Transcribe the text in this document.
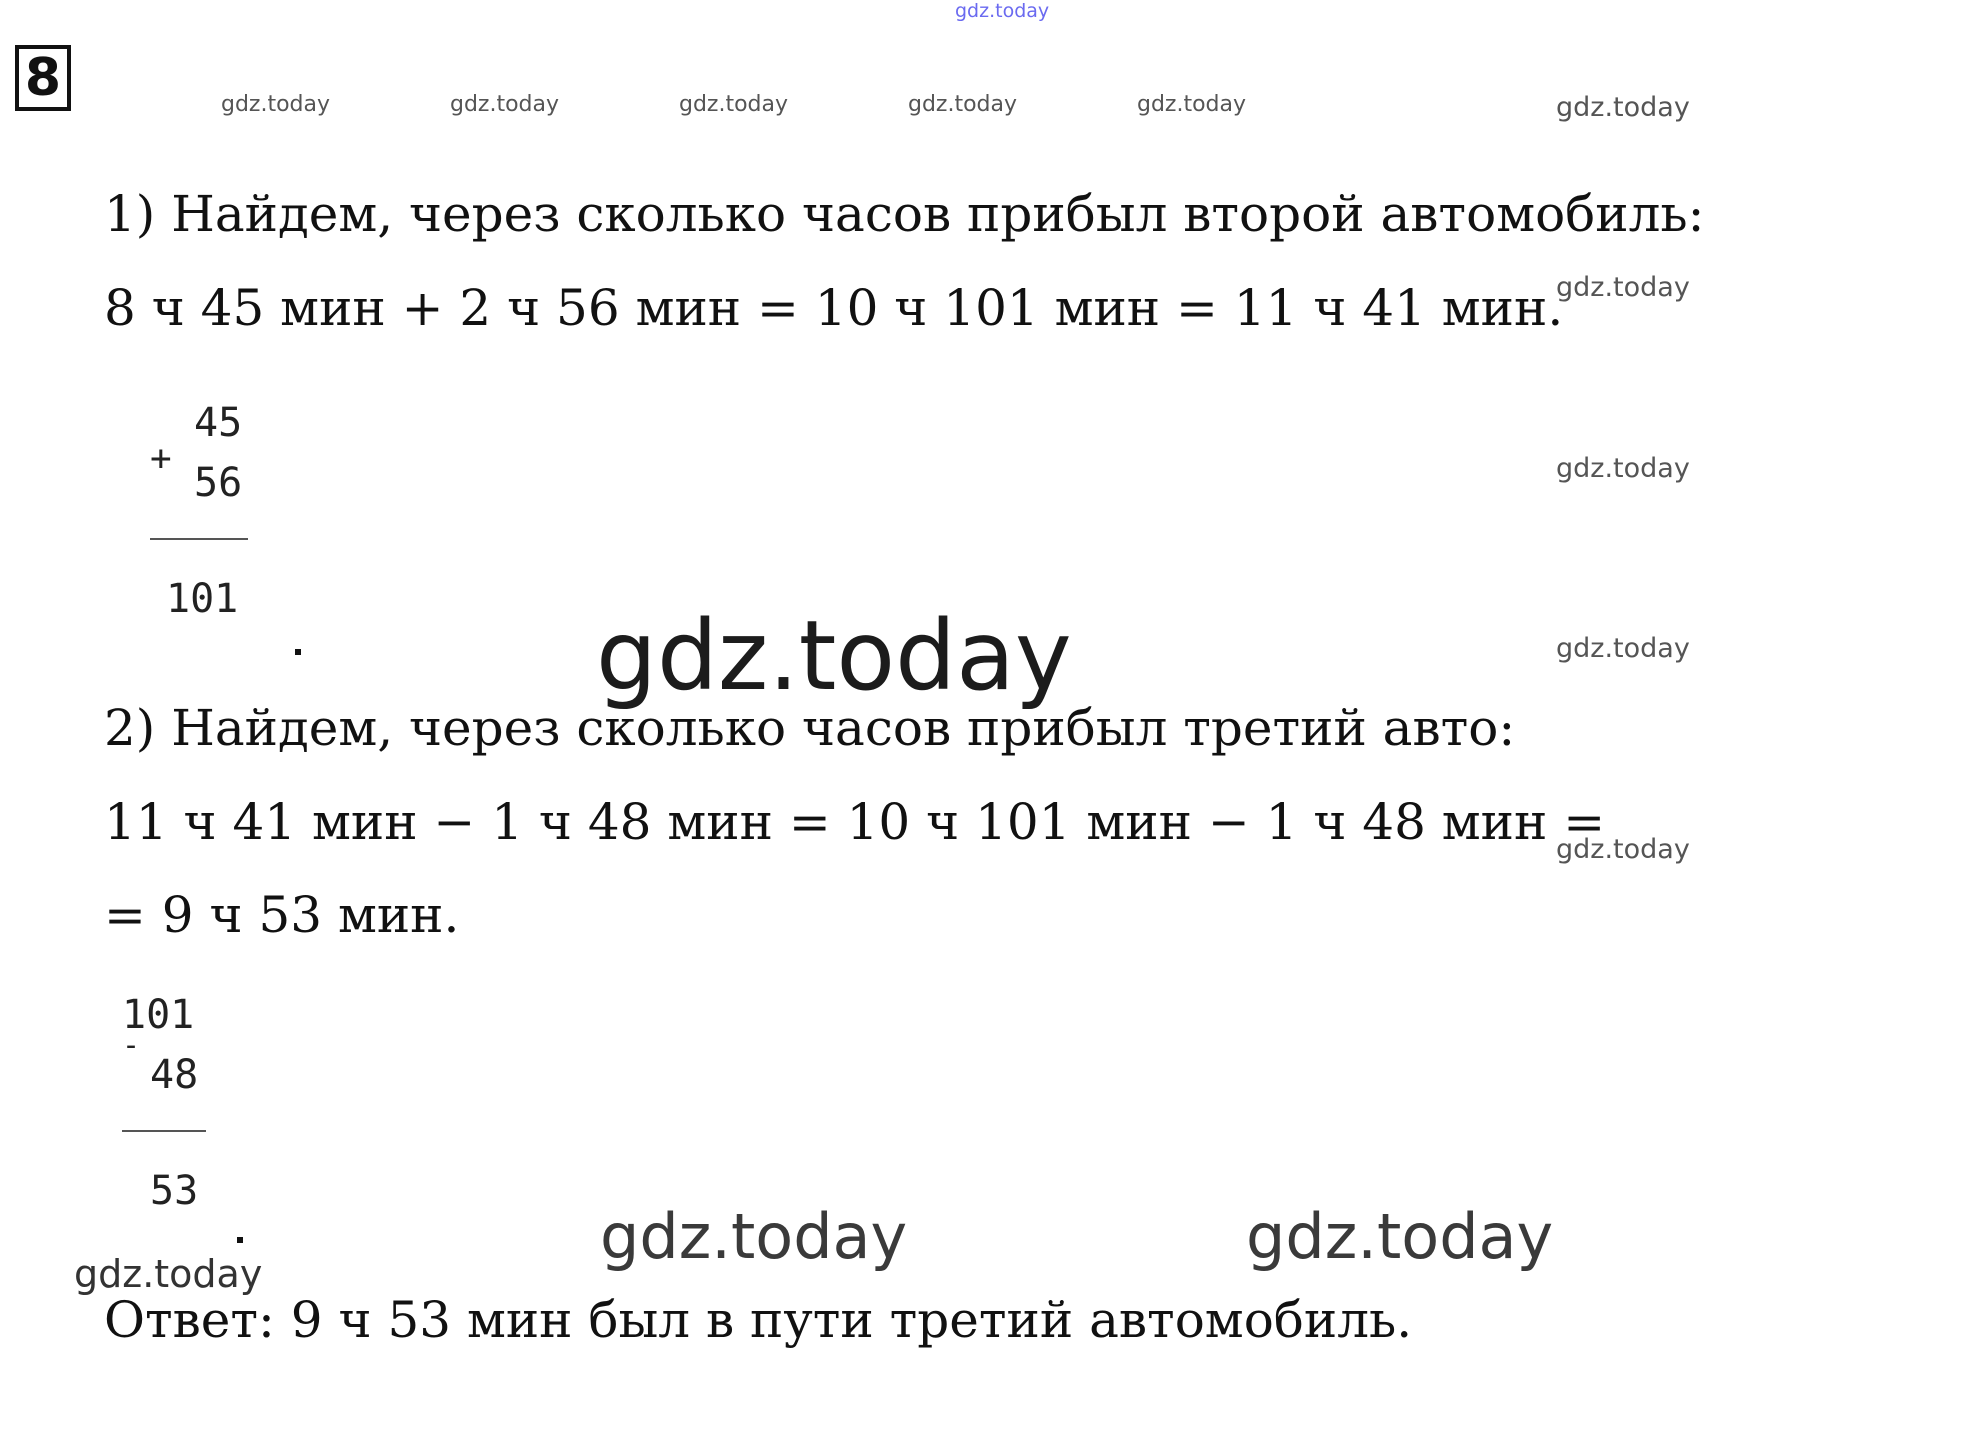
8
gdz.today
gdz.today	gdz.today	gdz.today	gdz.today	gdz.today	gdz.today
gdz.today
gdz.today
gdz.today
gdz.today
1) Найдем, через сколько часов прибыл второй автомобиль:
8 ч 45 мин + 2 ч 56 мин = 10 ч 101 мин = 11 ч 41 мин.
+
45
56
101
gdz.today
2) Найдем, через сколько часов прибыл третий авто:
11 ч 41 мин − 1 ч 48 мин = 10 ч 101 мин − 1 ч 48 мин =
= 9 ч 53 мин.
-
101
48
53
gdz.today	gdz.today
gdz.today
Ответ: 9 ч 53 мин был в пути третий автомобиль.
